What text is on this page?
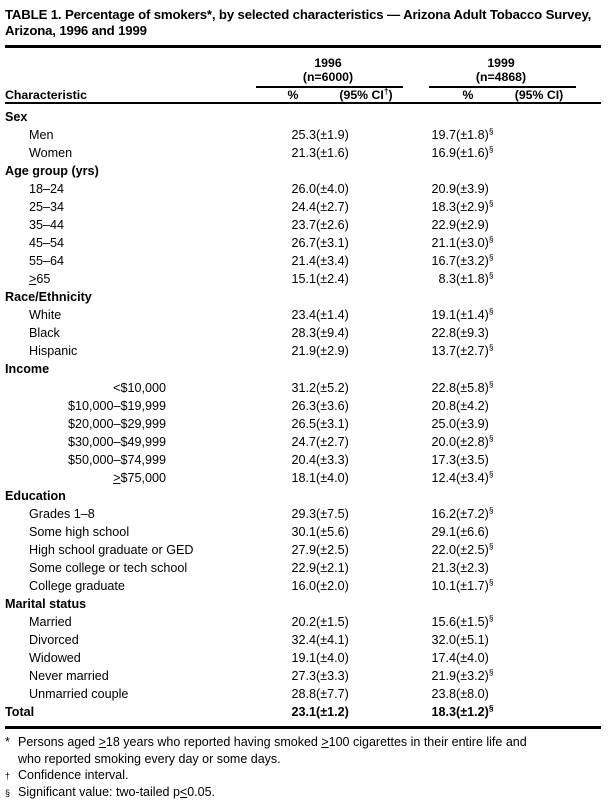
TABLE 1. Percentage of smokers*, by selected characteristics — Arizona Adult Tobacco Survey, Arizona, 1996 and 1999
1996
(n=6000)
1999
(n=4868)
Characteristic	%	(95% CI†)	%	(95% CI)
Sex				
Men	25.3	(±1.9)	19.7	(±1.8)§
Women	21.3	(±1.6)	16.9	(±1.6)§

Age group (yrs)				
18–24	26.0	(±4.0)	20.9	(±3.9)
25–34	24.4	(±2.7)	18.3	(±2.9)§
35–44	23.7	(±2.6)	22.9	(±2.9)
45–54	26.7	(±3.1)	21.1	(±3.0)§
55–64	21.4	(±3.4)	16.7	(±3.2)§
>65	15.1	(±2.4)	8.3	(±1.8)§

Race/Ethnicity				
White	23.4	(±1.4)	19.1	(±1.4)§
Black	28.3	(±9.4)	22.8	(±9.3)
Hispanic	21.9	(±2.9)	13.7	(±2.7)§

Income				
<$10,000	31.2	(±5.2)	22.8	(±5.8)§
$10,000–$19,999	26.3	(±3.6)	20.8	(±4.2)
$20,000–$29,999	26.5	(±3.1)	25.0	(±3.9)
$30,000–$49,999	24.7	(±2.7)	20.0	(±2.8)§
$50,000–$74,999	20.4	(±3.3)	17.3	(±3.5)
>$75,000	18.1	(±4.0)	12.4	(±3.4)§

Education				
Grades 1–8	29.3	(±7.5)	16.2	(±7.2)§
Some high school	30.1	(±5.6)	29.1	(±6.6)
High school graduate or GED	27.9	(±2.5)	22.0	(±2.5)§
Some college or tech school	22.9	(±2.1)	21.3	(±2.3)
College graduate	16.0	(±2.0)	10.1	(±1.7)§

Marital status				
Married	20.2	(±1.5)	15.6	(±1.5)§
Divorced	32.4	(±4.1)	32.0	(±5.1)
Widowed	19.1	(±4.0)	17.4	(±4.0)
Never married	27.3	(±3.3)	21.9	(±3.2)§
Unmarried couple	28.8	(±7.7)	23.8	(±8.0)

Total	23.1	(±1.2)	18.3	(±1.2)§
* Persons aged >18 years who reported having smoked >100 cigarettes in their entire life and
who reported smoking every day or some days.
† Confidence interval.
§ Significant value: two-tailed p<0.05.
